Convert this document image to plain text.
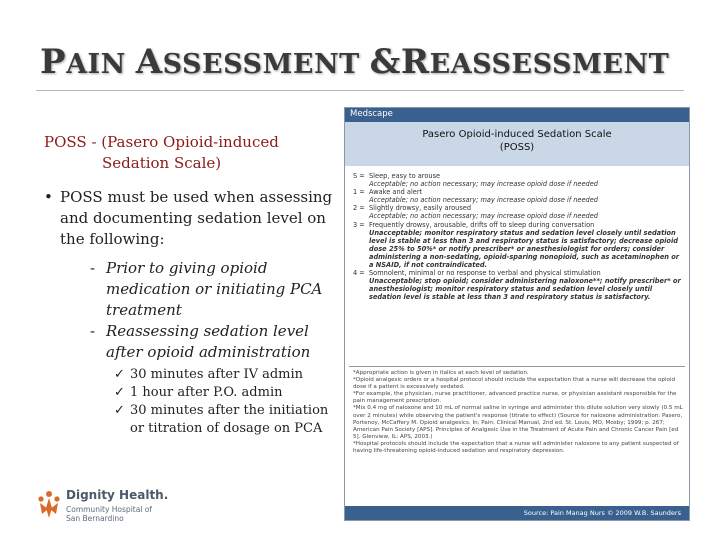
PAIN ASSESSMENT &REASSESSMENT
POSS - (Pasero Opioid-induced
Sedation Scale)
• POSS must be used when assessing and documenting sedation level on the following:
- Prior to giving opioid medication or initiating PCA treatment
- Reassessing sedation level after opioid administration
✓ 30 minutes after IV admin
✓ 1 hour after P.O. admin
✓ 30 minutes after the initiation or titration of dosage on PCA
Dignity Health.
Community Hospital of
San Bernardino
Medscape
Pasero Opioid-induced Sedation Scale
(POSS)
S = Sleep, easy to arouse
Acceptable; no action necessary; may increase opioid dose if needed
1 = Awake and alert
Acceptable; no action necessary; may increase opioid dose if needed
2 = Slightly drowsy, easily aroused
Acceptable; no action necessary; may increase opioid dose if needed
3 = Frequently drowsy, arousable, drifts off to sleep during conversation
Unacceptable; monitor respiratory status and sedation level closely until sedation level is stable at less than 3 and respiratory status is satisfactory; decrease opioid dose 25% to 50%* or notify prescriber* or anesthesiologist for orders; consider administering a non-sedating, opioid-sparing nonopioid, such as acetaminophen or a NSAID, if not contraindicated.
4 = Somnolent, minimal or no response to verbal and physical stimulation
Unacceptable; stop opioid; consider administering naloxone**; notify prescriber* or anesthesiologist; monitor respiratory status and sedation level closely until sedation level is stable at less than 3 and respiratory status is satisfactory.
*Appropriate action is given in italics at each level of sedation.
*Opioid analgesic orders or a hospital protocol should include the expectation that a nurse will decrease the opioid dose if a patient is excessively sedated.
*For example, the physician, nurse practitioner, advanced practice nurse, or physician assistant responsible for the pain management prescription.
*Mix 0.4 mg of naloxone and 10 mL of normal saline in syringe and administer this dilute solution very slowly (0.5 mL over 2 minutes) while observing the patient's response (titrate to effect) (Source for naloxone administration: Pasero, Portenoy, McCaffery M. Opioid analgesics. In: Pain: Clinical Manual, 2nd ed. St. Louis, MO, Mosby; 1999; p. 267; American Pain Society [APS]. Principles of Analgesic Use in the Treatment of Acute Pain and Chronic Cancer Pain [ed 5]. Glenview, IL: APS, 2003.)
*Hospital protocols should include the expectation that a nurse will administer naloxone to any patient suspected of having life-threatening opioid-induced sedation and respiratory depression.
Source: Pain Manag Nurs © 2009 W.B. Saunders
